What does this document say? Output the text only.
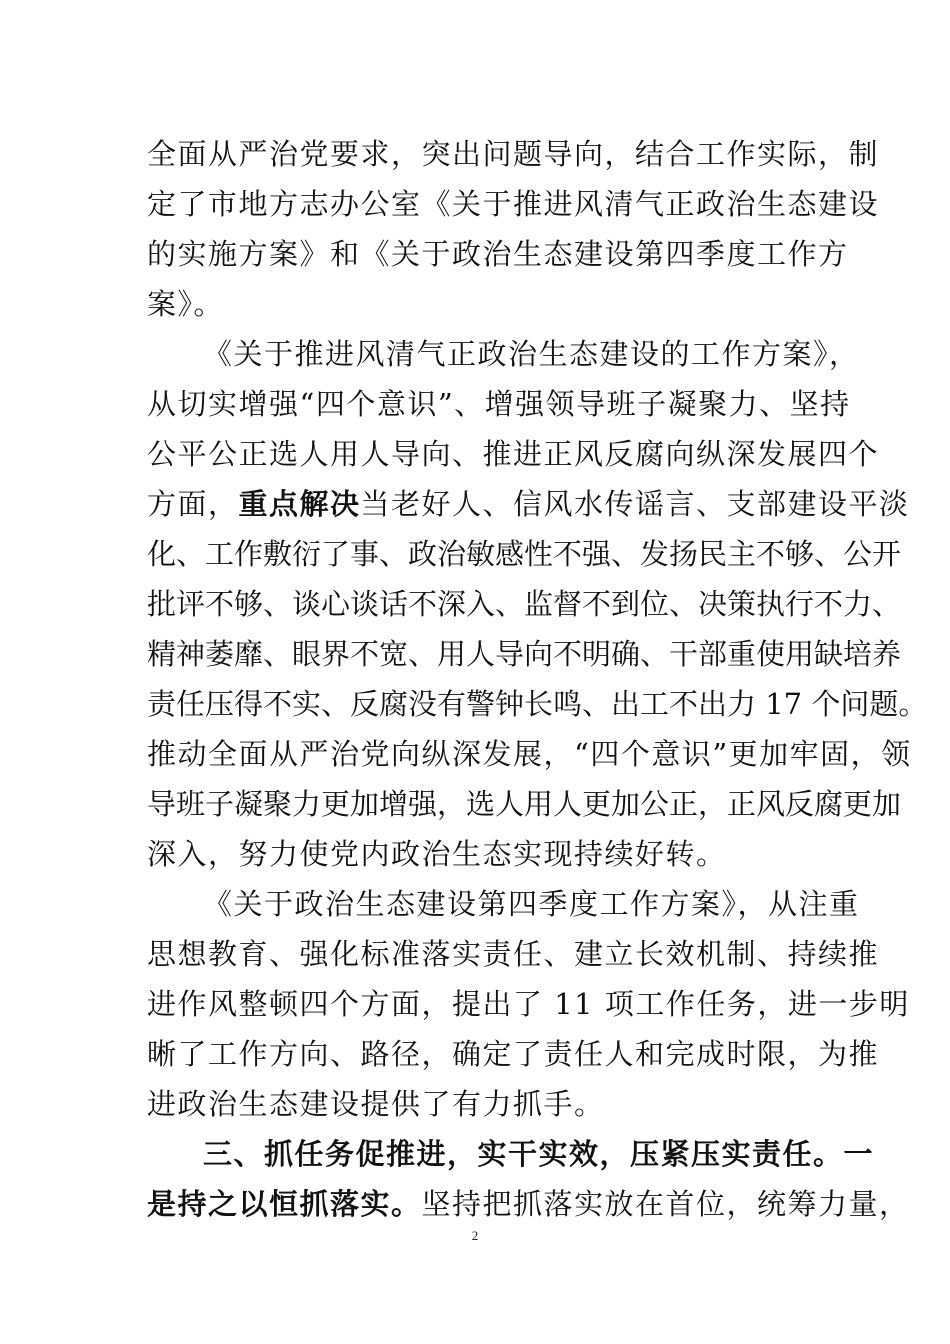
全面从严治党要求，突出问题导向，结合工作实际，制
定了市地方志办公室《关于推进风清气正政治生态建设
的实施方案》和《关于政治生态建设第四季度工作方
案》。
《关于推进风清气正政治生态建设的工作方案》，
从切实增强“四个意识”、增强领导班子凝聚力、坚持
公平公正选人用人导向、推进正风反腐向纵深发展四个
方面，重点解决当老好人、信风水传谣言、支部建设平淡
化、工作敷衍了事、政治敏感性不强、发扬民主不够、公开
批评不够、谈心谈话不深入、监督不到位、决策执行不力、
精神萎靡、眼界不宽、用人导向不明确、干部重使用缺培养
责任压得不实、反腐没有警钟长鸣、出工不出力 17 个问题。
推动全面从严治党向纵深发展，“四个意识”更加牢固，领
导班子凝聚力更加增强，选人用人更加公正，正风反腐更加
深入，努力使党内政治生态实现持续好转。
《关于政治生态建设第四季度工作方案》，从注重
思想教育、强化标准落实责任、建立长效机制、持续推
进作风整顿四个方面，提出了 11 项工作任务，进一步明
晰了工作方向、路径，确定了责任人和完成时限，为推
进政治生态建设提供了有力抓手。
三、抓任务促推进，实干实效，压紧压实责任。一
是持之以恒抓落实。坚持把抓落实放在首位，统筹力量，
2
